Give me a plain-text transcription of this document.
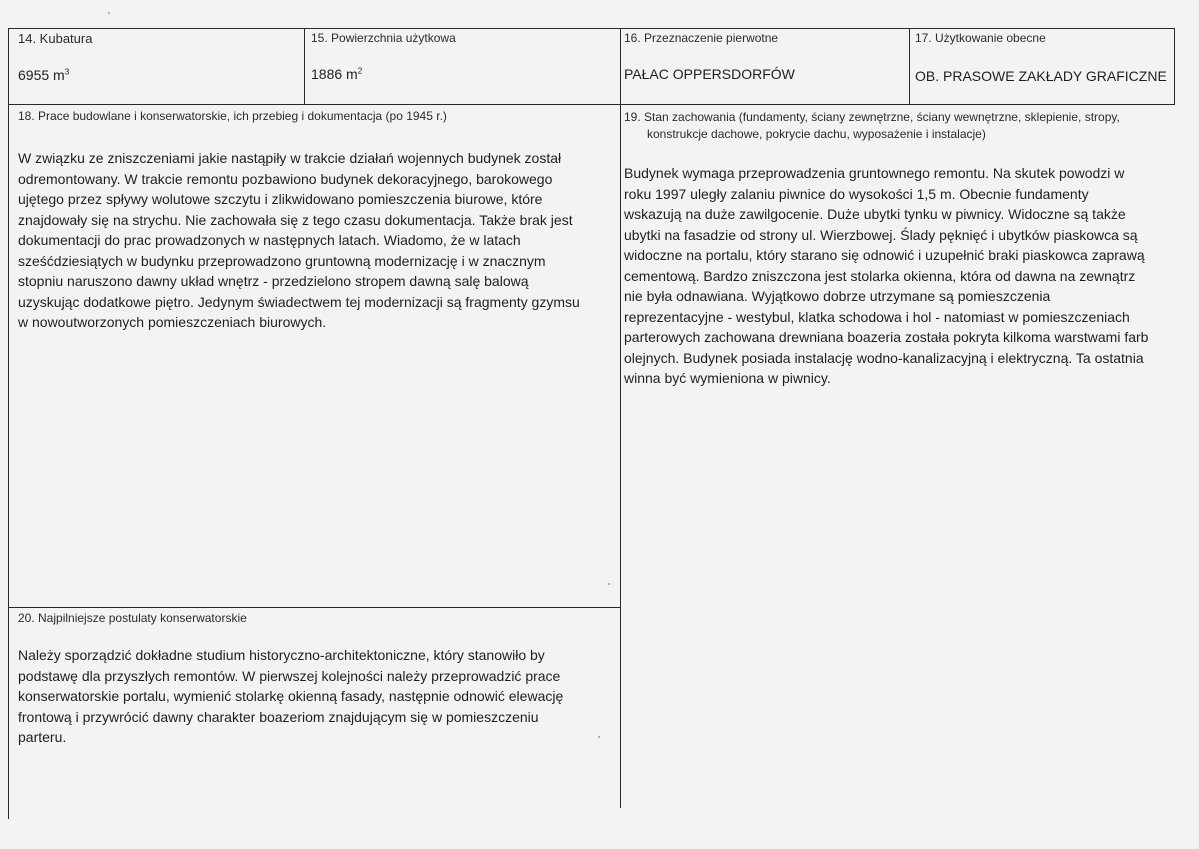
14. Kubatura
6955 $m^3$
15. Powierzchnia użytkowa
1886 $m^2$
16. Przeznaczenie pierwotne
PAŁAC OPPERSDORFÓW
17. Użytkowanie obecne
OB. PRASOWE ZAKŁADY GRAFICZNE
18. Prace budowlane i konserwatorskie, ich przebieg i dokumentacja (po 1945 r.)
W związku ze zniszczeniami jakie nastąpiły w trakcie działań wojennych budynek został
odremontowany. W trakcie remontu pozbawiono budynek dekoracyjnego, barokowego
ujętego przez spływy wolutowe szczytu i zlikwidowano pomieszczenia biurowe, które
znajdowały się na strychu. Nie zachowała się z tego czasu dokumentacja. Także brak jest
dokumentacji do prac prowadzonych w następnych latach. Wiadomo, że w latach
sześćdziesiątych w budynku przeprowadzono gruntowną modernizację i w znacznym
stopniu naruszono dawny układ wnętrz - przedzielono stropem dawną salę balową
uzyskując dodatkowe piętro. Jedynym świadectwem tej modernizacji są fragmenty gzymsu
w nowoutworzonych pomieszczeniach biurowych.
19. Stan zachowania (fundamenty, ściany zewnętrzne, ściany wewnętrzne, sklepienie, stropy,
konstrukcje dachowe, pokrycie dachu, wyposażenie i instalacje)
Budynek wymaga przeprowadzenia gruntownego remontu. Na skutek powodzi w
roku 1997 uległy zalaniu piwnice do wysokości 1,5 m. Obecnie fundamenty
wskazują na duże zawilgocenie. Duże ubytki tynku w piwnicy. Widoczne są także
ubytki na fasadzie od strony ul. Wierzbowej. Ślady pęknięć i ubytków piaskowca są
widoczne na portalu, który starano się odnowić i uzupełnić braki piaskowca zaprawą
cementową. Bardzo zniszczona jest stolarka okienna, która od dawna na zewnątrz
nie była odnawiana. Wyjątkowo dobrze utrzymane są pomieszczenia
reprezentacyjne - westybul, klatka schodowa i hol - natomiast w pomieszczeniach
parterowych zachowana drewniana boazeria została pokryta kilkoma warstwami farb
olejnych. Budynek posiada instalację wodno-kanalizacyjną i elektryczną. Ta ostatnia
winna być wymieniona w piwnicy.
20. Najpilniejsze postulaty konserwatorskie
Należy sporządzić dokładne studium historyczno-architektoniczne, który stanowiło by
podstawę dla przyszłych remontów. W pierwszej kolejności należy przeprowadzić prace
konserwatorskie portalu, wymienić stolarkę okienną fasady, następnie odnowić elewację
frontową i przywrócić dawny charakter boazeriom znajdującym się w pomieszczeniu
parteru.
